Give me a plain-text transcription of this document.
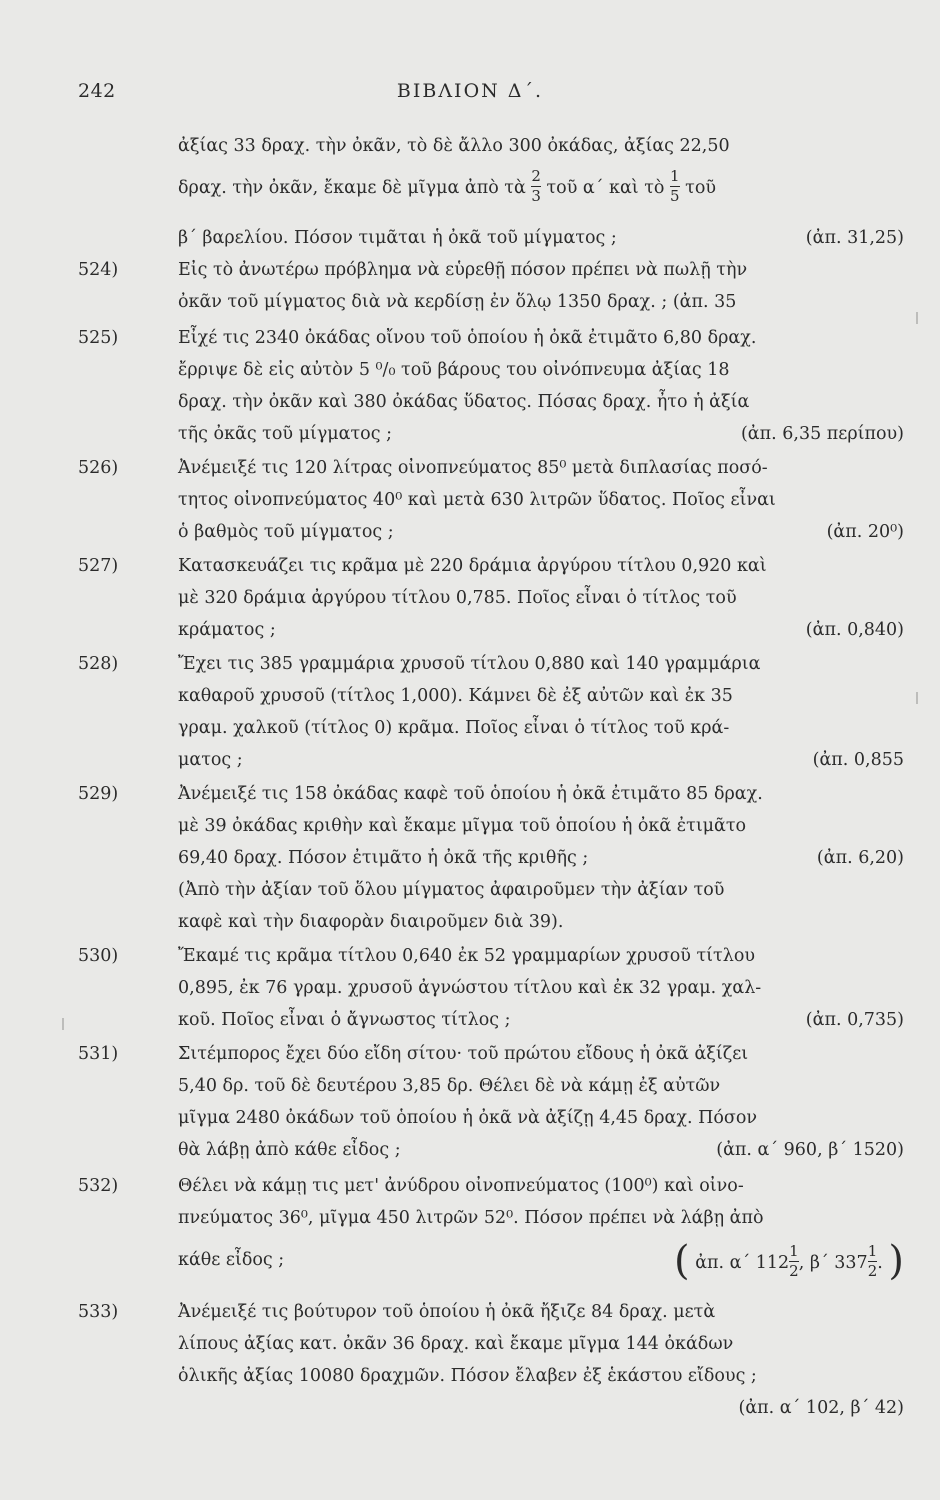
242	ΒΙΒΛΙΟΝ Δ΄.
ἀξίας 33 δραχ. τὴν ὀκᾶν, τὸ δὲ ἄλλο 300 ὀκάδας, ἀξίας 22,50
δραχ. τὴν ὀκᾶν, ἔκαμε δὲ μῖγμα ἀπὸ τὰ $\frac{2}{3}$ τοῦ α΄ καὶ τὸ $\frac{1}{5}$ τοῦ
β΄ βαρελίου. Πόσον τιμᾶται ἡ ὀκᾶ τοῦ μίγματος ;	(ἀπ. 31,25)
524)	Εἰς τὸ ἀνωτέρω πρόβλημα νὰ εὑρεθῇ πόσον πρέπει νὰ πωλῇ τὴν
ὀκᾶν τοῦ μίγματος διὰ νὰ κερδίσῃ ἐν ὅλῳ 1350 δραχ. ; (ἀπ. 35
525)	Εἶχέ τις 2340 ὀκάδας οἴνου τοῦ ὁποίου ἡ ὀκᾶ ἐτιμᾶτο 6,80 δραχ.
ἔρριψε δὲ εἰς αὐτὸν 5 ⁰/₀ τοῦ βάρους του οἰνόπνευμα ἀξίας 18
δραχ. τὴν ὀκᾶν καὶ 380 ὀκάδας ὕδατος. Πόσας δραχ. ἦτο ἡ ἀξία
τῆς ὀκᾶς τοῦ μίγματος ;	(ἀπ. 6,35 περίπου)
526)	Ἀνέμειξέ τις 120 λίτρας οἰνοπνεύματος 85⁰ μετὰ διπλασίας ποσό-
τητος οἰνοπνεύματος 40⁰ καὶ μετὰ 630 λιτρῶν ὕδατος. Ποῖος εἶναι
ὁ βαθμὸς τοῦ μίγματος ;	(ἀπ. 20⁰)
527)	Κατασκευάζει τις κρᾶμα μὲ 220 δράμια ἀργύρου τίτλου 0,920 καὶ
μὲ 320 δράμια ἀργύρου τίτλου 0,785. Ποῖος εἶναι ὁ τίτλος τοῦ
κράματος ;	(ἀπ. 0,840)
528)	Ἔχει τις 385 γραμμάρια χρυσοῦ τίτλου 0,880 καὶ 140 γραμμάρια
καθαροῦ χρυσοῦ (τίτλος 1,000). Κάμνει δὲ ἐξ αὐτῶν καὶ ἐκ 35
γραμ. χαλκοῦ (τίτλος 0) κρᾶμα. Ποῖος εἶναι ὁ τίτλος τοῦ κρά-
ματος ;	(ἀπ. 0,855
529)	Ἀνέμειξέ τις 158 ὀκάδας καφὲ τοῦ ὁποίου ἡ ὀκᾶ ἐτιμᾶτο 85 δραχ.
μὲ 39 ὀκάδας κριθὴν καὶ ἔκαμε μῖγμα τοῦ ὁποίου ἡ ὀκᾶ ἐτιμᾶτο
69,40 δραχ. Πόσον ἐτιμᾶτο ἡ ὀκᾶ τῆς κριθῆς ;	(ἀπ. 6,20)
(Ἀπὸ τὴν ἀξίαν τοῦ ὅλου μίγματος ἀφαιροῦμεν τὴν ἀξίαν τοῦ
καφὲ καὶ τὴν διαφορὰν διαιροῦμεν διὰ 39).
530)	Ἔκαμέ τις κρᾶμα τίτλου 0,640 ἐκ 52 γραμμαρίων χρυσοῦ τίτλου
0,895, ἐκ 76 γραμ. χρυσοῦ ἀγνώστου τίτλου καὶ ἐκ 32 γραμ. χαλ-
κοῦ. Ποῖος εἶναι ὁ ἄγνωστος τίτλος ;	(ἀπ. 0,735)
531)	Σιτέμπορος ἔχει δύο εἴδη σίτου· τοῦ πρώτου εἴδους ἡ ὀκᾶ ἀξίζει
5,40 δρ. τοῦ δὲ δευτέρου 3,85 δρ. Θέλει δὲ νὰ κάμῃ ἐξ αὐτῶν
μῖγμα 2480 ὀκάδων τοῦ ὁποίου ἡ ὀκᾶ νὰ ἀξίζῃ 4,45 δραχ. Πόσον
θὰ λάβῃ ἀπὸ κάθε εἶδος ;	(ἀπ. α΄ 960, β΄ 1520)
532)	Θέλει νὰ κάμῃ τις μετ' ἀνύδρου οἰνοπνεύματος (100⁰) καὶ οἰνο-
πνεύματος 36⁰, μῖγμα 450 λιτρῶν 52⁰. Πόσον πρέπει νὰ λάβῃ ἀπὸ
κάθε εἶδος ;	( ἀπ. α΄ $112 \frac{1}{2}$ , β΄ $337 \frac{1}{2}$ . )
533)	Ἀνέμειξέ τις βούτυρον τοῦ ὁποίου ἡ ὀκᾶ ἤξιζε 84 δραχ. μετὰ
λίπους ἀξίας κατ. ὀκᾶν 36 δραχ. καὶ ἔκαμε μῖγμα 144 ὀκάδων
ὁλικῆς ἀξίας 10080 δραχμῶν. Πόσον ἔλαβεν ἐξ ἑκάστου εἴδους ;
(ἀπ. α΄ 102, β΄ 42)
